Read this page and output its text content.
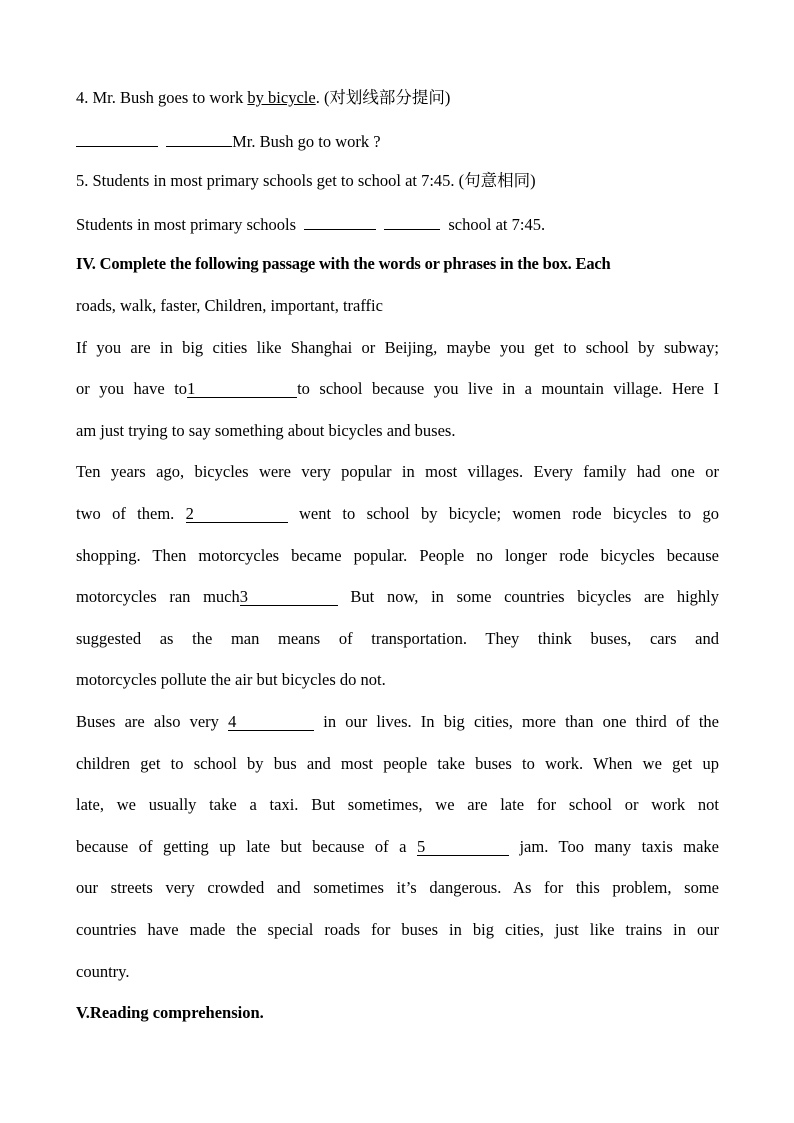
4. Mr. Bush goes to work by bicycle. (对划线部分提问)
Mr. Bush go to work ?
5. Students in most primary schools get to school at 7:45. (句意相同)
Students in most primary schools	school at 7:45.
IV. Complete the following passage with the words or phrases in the box. Each
roads, walk, faster, Children, important, traffic
If you are in big cities like Shanghai or Beijing, maybe you get to school by subway;
or you have to1	to school because you live in a mountain village. Here I
am just trying to say something about bicycles and buses.
Ten years ago, bicycles were very popular in most villages. Every family had one or
two of them. 2	went to school by bicycle; women rode bicycles to go
shopping. Then motorcycles became popular. People no longer rode bicycles because
motorcycles ran much3	But now, in some countries bicycles are highly
suggested as the man means of transportation. They think buses, cars and
motorcycles pollute the air but bicycles do not.
Buses are also very 4	in our lives. In big cities, more than one third of the
children get to school by bus and most people take buses to work. When we get up
late, we usually take a taxi. But sometimes, we are late for school or work not
because of getting up late but because of a 5	jam. Too many taxis make
our streets very crowded and sometimes it’s dangerous. As for this problem, some
countries have made the special roads for buses in big cities, just like trains in our
country.
V.Reading comprehension.
